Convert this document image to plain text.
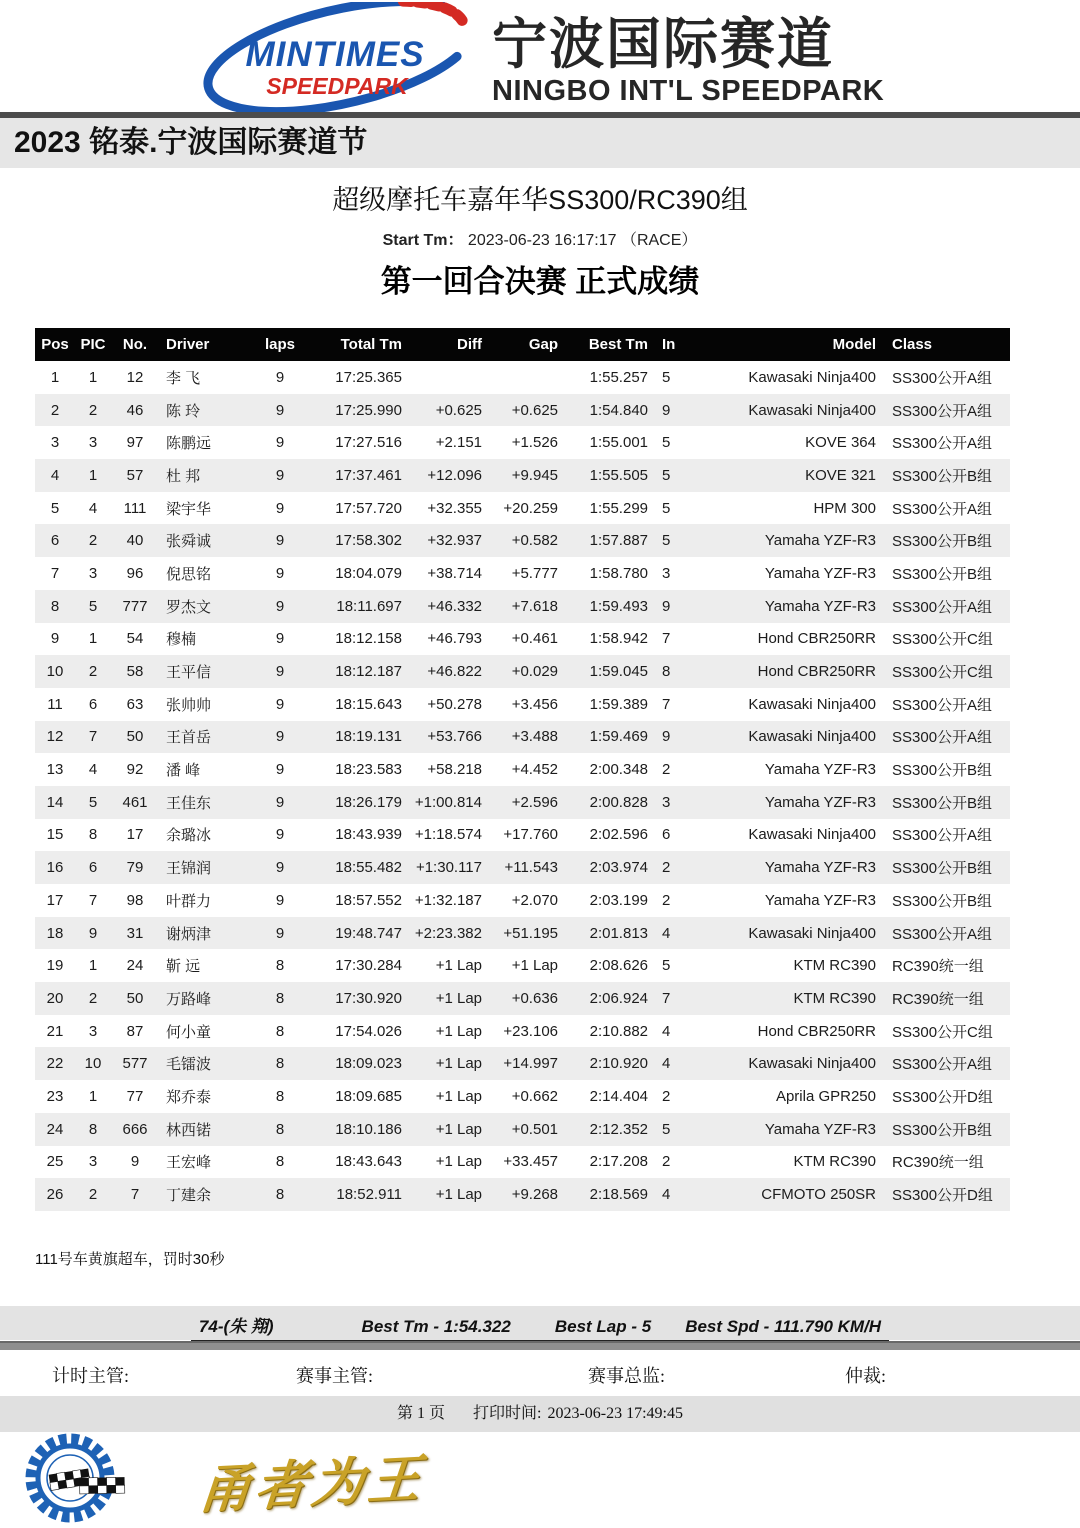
MINTIMES
SPEEDPARK
宁波国际赛道
NINGBO INT'L SPEEDPARK
2023 铭泰.宁波国际赛道节
超级摩托车嘉年华SS300/RC390组
Start Tm： 2023-06-23 16:17:17 （RACE）
第一回合决赛 正式成绩
Pos	PIC	No.	Driver	laps	Total Tm	Diff	Gap	Best Tm	In	Model	Class
1	1	12	李 飞	9	17:25.365			1:55.257	5	Kawasaki Ninja400	SS300公开A组
2	2	46	陈 玲	9	17:25.990	+0.625	+0.625	1:54.840	9	Kawasaki Ninja400	SS300公开A组
3	3	97	陈鹏远	9	17:27.516	+2.151	+1.526	1:55.001	5	KOVE 364	SS300公开A组
4	1	57	杜 邦	9	17:37.461	+12.096	+9.945	1:55.505	5	KOVE 321	SS300公开B组
5	4	111	梁宇华	9	17:57.720	+32.355	+20.259	1:55.299	5	HPM 300	SS300公开A组
6	2	40	张舜诚	9	17:58.302	+32.937	+0.582	1:57.887	5	Yamaha YZF-R3	SS300公开B组
7	3	96	倪思铭	9	18:04.079	+38.714	+5.777	1:58.780	3	Yamaha YZF-R3	SS300公开B组
8	5	777	罗杰文	9	18:11.697	+46.332	+7.618	1:59.493	9	Yamaha YZF-R3	SS300公开A组
9	1	54	穆楠	9	18:12.158	+46.793	+0.461	1:58.942	7	Hond CBR250RR	SS300公开C组
10	2	58	王平信	9	18:12.187	+46.822	+0.029	1:59.045	8	Hond CBR250RR	SS300公开C组
11	6	63	张帅帅	9	18:15.643	+50.278	+3.456	1:59.389	7	Kawasaki Ninja400	SS300公开A组
12	7	50	王首岳	9	18:19.131	+53.766	+3.488	1:59.469	9	Kawasaki Ninja400	SS300公开A组
13	4	92	潘 峰	9	18:23.583	+58.218	+4.452	2:00.348	2	Yamaha YZF-R3	SS300公开B组
14	5	461	王佳东	9	18:26.179	+1:00.814	+2.596	2:00.828	3	Yamaha YZF-R3	SS300公开B组
15	8	17	余璐冰	9	18:43.939	+1:18.574	+17.760	2:02.596	6	Kawasaki Ninja400	SS300公开A组
16	6	79	王锦润	9	18:55.482	+1:30.117	+11.543	2:03.974	2	Yamaha YZF-R3	SS300公开B组
17	7	98	叶群力	9	18:57.552	+1:32.187	+2.070	2:03.199	2	Yamaha YZF-R3	SS300公开B组
18	9	31	谢炳津	9	19:48.747	+2:23.382	+51.195	2:01.813	4	Kawasaki Ninja400	SS300公开A组
19	1	24	靳 远	8	17:30.284	+1 Lap	+1 Lap	2:08.626	5	KTM RC390	RC390统一组
20	2	50	万路峰	8	17:30.920	+1 Lap	+0.636	2:06.924	7	KTM RC390	RC390统一组
21	3	87	何小童	8	17:54.026	+1 Lap	+23.106	2:10.882	4	Hond CBR250RR	SS300公开C组
22	10	577	毛镭波	8	18:09.023	+1 Lap	+14.997	2:10.920	4	Kawasaki Ninja400	SS300公开A组
23	1	77	郑乔泰	8	18:09.685	+1 Lap	+0.662	2:14.404	2	Aprila GPR250	SS300公开D组
24	8	666	林西锘	8	18:10.186	+1 Lap	+0.501	2:12.352	5	Yamaha YZF-R3	SS300公开B组
25	3	9	王宏峰	8	18:43.643	+1 Lap	+33.457	2:17.208	2	KTM RC390	RC390统一组
26	2	7	丁建余	8	18:52.911	+1 Lap	+9.268	2:18.569	4	CFMOTO 250SR	SS300公开D组
111号车黄旗超车，罚时30秒
74-(朱 翔)	Best Tm - 1:54.322	Best Lap - 5 Best Spd - 111.790 KM/H
计时主管:	赛事主管:	赛事总监:	仲裁:
第 1 页 打印时间: 2023-06-23 17:49:45
甬者为王
